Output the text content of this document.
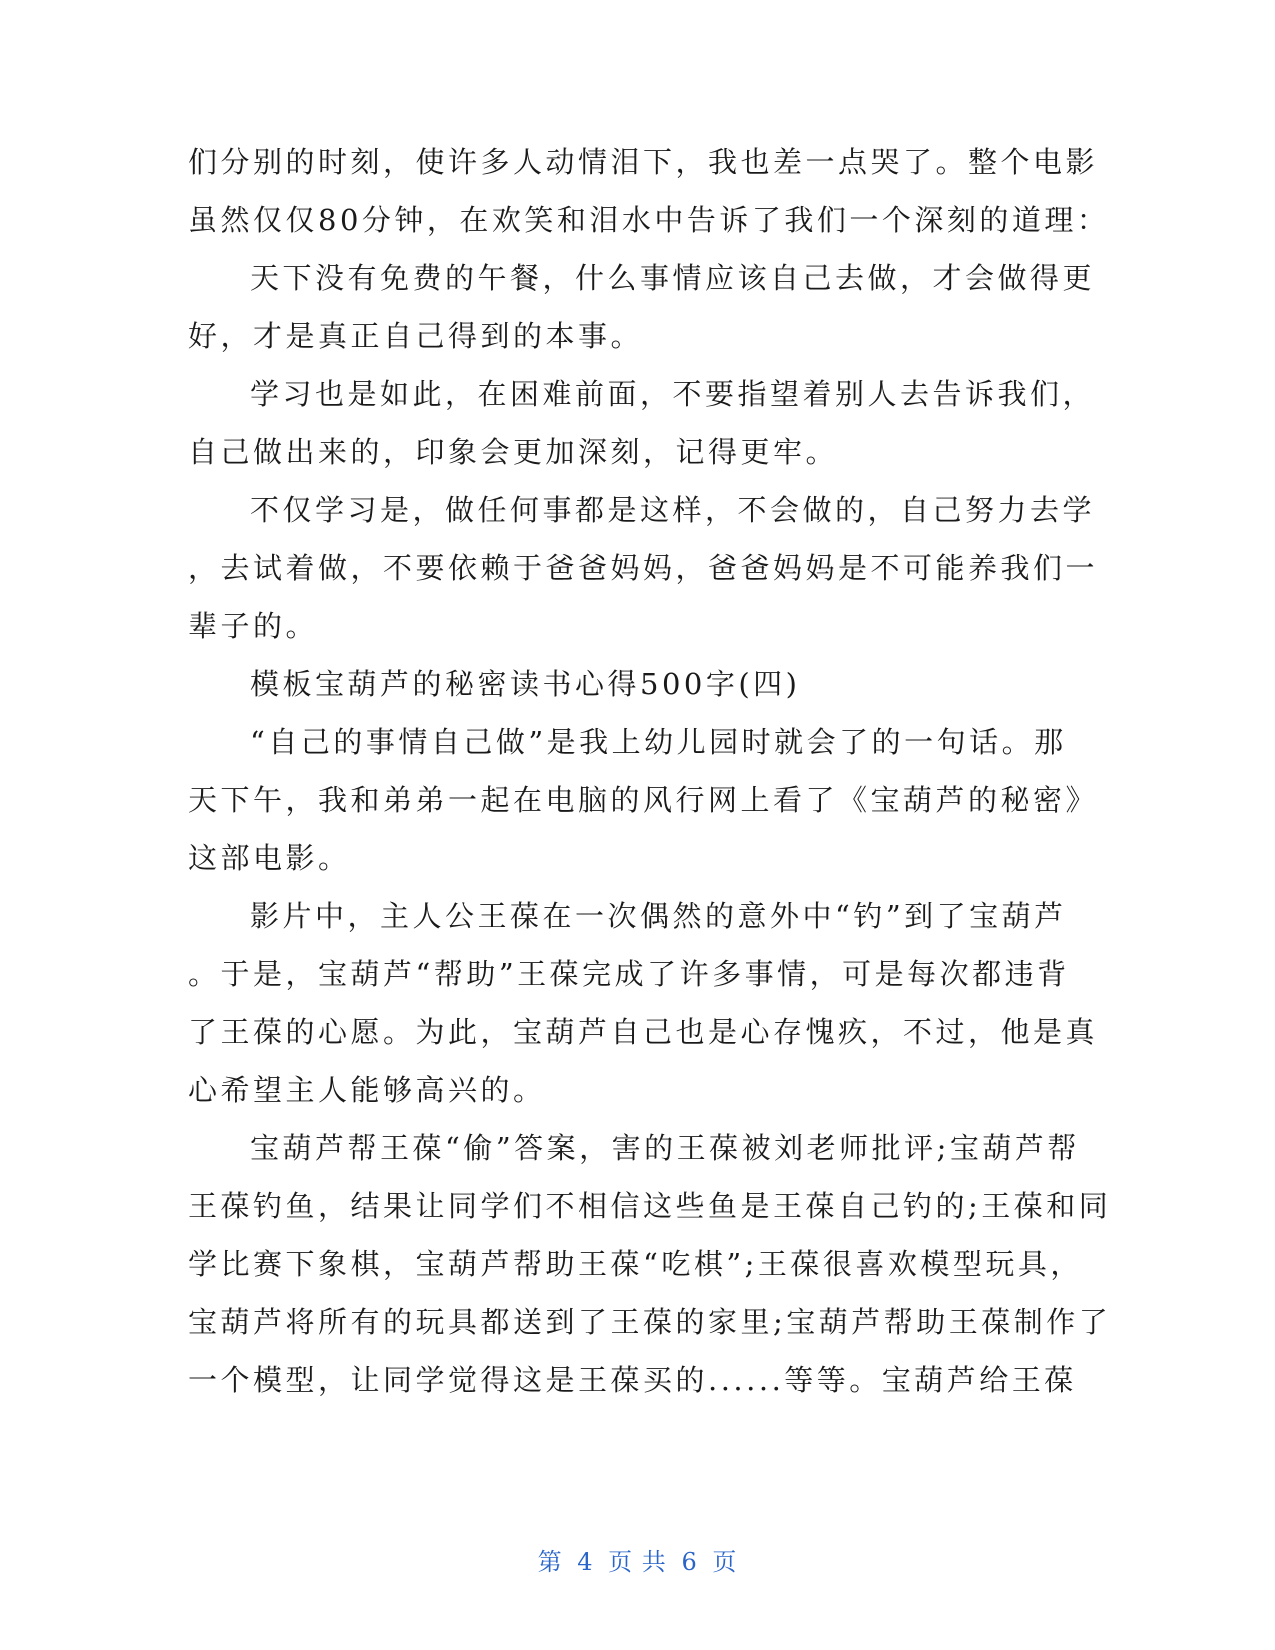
们分别的时刻，使许多人动情泪下，我也差一点哭了。整个电影
虽然仅仅80分钟，在欢笑和泪水中告诉了我们一个深刻的道理：
天下没有免费的午餐，什么事情应该自己去做，才会做得更
好，才是真正自己得到的本事。
学习也是如此，在困难前面，不要指望着别人去告诉我们，
自己做出来的，印象会更加深刻，记得更牢。
不仅学习是，做任何事都是这样，不会做的，自己努力去学
，去试着做，不要依赖于爸爸妈妈，爸爸妈妈是不可能养我们一
辈子的。
模板宝葫芦的秘密读书心得500字(四)
“自己的事情自己做”是我上幼儿园时就会了的一句话。那
天下午，我和弟弟一起在电脑的风行网上看了《宝葫芦的秘密》
这部电影。
影片中，主人公王葆在一次偶然的意外中“钓”到了宝葫芦
。于是，宝葫芦“帮助”王葆完成了许多事情，可是每次都违背
了王葆的心愿。为此，宝葫芦自己也是心存愧疚，不过，他是真
心希望主人能够高兴的。
宝葫芦帮王葆“偷”答案，害的王葆被刘老师批评;宝葫芦帮
王葆钓鱼，结果让同学们不相信这些鱼是王葆自己钓的;王葆和同
学比赛下象棋，宝葫芦帮助王葆“吃棋”;王葆很喜欢模型玩具，
宝葫芦将所有的玩具都送到了王葆的家里;宝葫芦帮助王葆制作了
一个模型，让同学觉得这是王葆买的......等等。宝葫芦给王葆
第 4 页 共 6 页
